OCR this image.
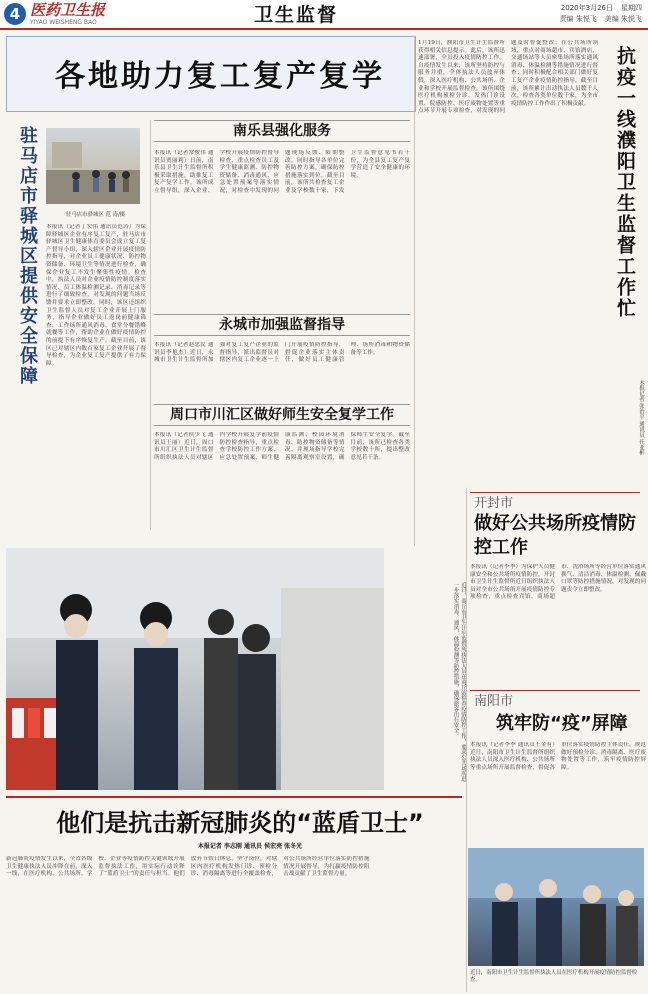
4 医药卫生报
YIYAO WEISHENG BAO	卫生监督	2020年3月26日 星期四
责编 朱悦飞 美编 朱悦飞
各地助力复工复产复学
驻马店市驿城区提供安全保障	驻马店市驿城区 范 涛/摄
本报讯（记者丁宏伟 通讯员范涛）为保障驿城区企业有序复工复产，驻马店市驿城区卫生健康体育委员会成立复工复产督导小组，深入辖区企业开展疫情防控指导，对企业员工健康状况、防控物资储备、环境卫生等情况进行检查，确保企业复工不发生聚集性疫情。检查中，执法人员对企业疫情防控制度落实情况、员工体温检测记录、消毒记录等进行了细致检查，对发现的问题当场反馈并要求立即整改。同时，该区还组织卫生监督人员对复工企业开展上门服务，指导企业做好员工返岗前健康筛查、工作场所通风消毒、食堂分餐错峰就餐等工作，帮助企业在做好疫情防控的前提下有序恢复生产。截至目前，该区已对辖区内数百家复工企业开展了督导检查，为企业复工复产提供了有力保障。
南乐县强化服务
本报讯（记者常俊伟 通讯员贾丽莉）日前，南乐县卫生计生监督所积极采取措施，助推复工复产复学工作。该所成立督导组，深入企业、学校开展疫情防控督导检查，重点检查员工及学生健康监测、防控物资储备、消毒通风、应急处置预案等落实情况，对检查中发现的问题现场反馈、限期整改，同时指导各单位完善防控方案，确保防控措施落实到位。截至目前，该所共检查复工企业及学校数十家，下发卫生监督意见书若干份，为全县复工复产复学营造了安全健康的环境。
永城市加强监督指导
本报讯（记者赵忠民 通讯员李艳杰）近日，永城市卫生计生监督所加强对复工复产企业的监督指导，派出监督员对辖区内复工企业逐一上门开展疫情防控指导，督促企业落实主体责任，做好员工健康管理、场所消毒和物资储备等工作。
周口市川汇区做好师生安全复学工作
本报讯（记者侯少飞 通讯员王丽）近日，周口市川汇区卫生计生监督所组织执法人员对辖区内学校开展复学前疫情防控检查指导，重点检查学校防控工作方案、应急处置预案、师生健康监测、校园环境消毒、防控物资储备等情况，并现场指导学校完善隔离观察室设置，确保师生安全复学。截至目前，该所已检查各类学校数十所，提出整改意见若干条。
1月19日，濮阳市卫生计生监督所获得相关信息提示。此后，该所迅速部署，全员投入疫情防控工作。自疫情发生以来，该所坚持防控与服务并重，全体执法人员放弃休假，深入医疗机构、公共场所、企业和学校开展监督检查。该所围绕医疗机构预检分诊、发热门诊设置、院感防控、医疗废物处置等重点环节开展专项检查，对发现的问题及时督促整改；在公共场所领域，重点对商场超市、宾馆酒店、交通场站等人员密集场所落实通风消毒、体温检测等措施情况进行督查；同时积极配合相关部门做好复工复产企业疫情防控指导。截至目前，该所累计出动执法人员数千人次，检查各类单位数千家，为全市疫情防控工作作出了积极贡献。	抗疫一线濮阳卫生监督工作忙
本报记者 张治平 通讯员 任亚彬
开封市
做好公共场所疫情防控工作
本报讯（记者李季）为保护人员健康安全和公共场所疫情防控，开封市卫生计生监督所近日组织执法人员对全市公共场所开展疫情防控专项检查，重点检查宾馆、商场超市、洗浴场所等经营单位落实通风换气、清洁消毒、体温检测、佩戴口罩等防控措施情况，对发现的问题责令立即整改。
南阳市
筑牢防“疫”屏障
本报讯（记者李季 通讯员王金有）近日，南阳市卫生计生监督所组织执法人员深入医疗机构、公共场所等重点场所开展监督检查，督促各单位落实疫情防控主体责任，规范做好预检分诊、消毒隔离、医疗废物处置等工作，筑牢疫情防控屏障。
近日，南阳市卫生计生监督所执法人员在医疗机构开展疫情防控监督检查。
近日，商丘市卫生计生监督所执法人员在商丘站检查疫情防控工作，要求公共场所进一步落实消毒、通风、体温检测等防控措施，确保旅客出行安全。
他们是抗击新冠肺炎的“蓝盾卫士”
本报记者 李志刚 通讯员 侯宏亮 张冬光
新冠肺炎疫情发生以来，全省各级卫生健康执法人员冲锋在前，深入一线，在医疗机构、公共场所、学校、企业等疫情防控关键领域开展监督执法工作，用实际行动诠释了“蓝盾卫士”的责任与担当。他们放弃节假日休息，坚守岗位，对辖区内医疗机构发热门诊、预检分诊、消毒隔离等进行全覆盖检查，对公共场所经营单位落实防控措施情况开展督导，为打赢疫情防控阻击战贡献了卫生监督力量。
